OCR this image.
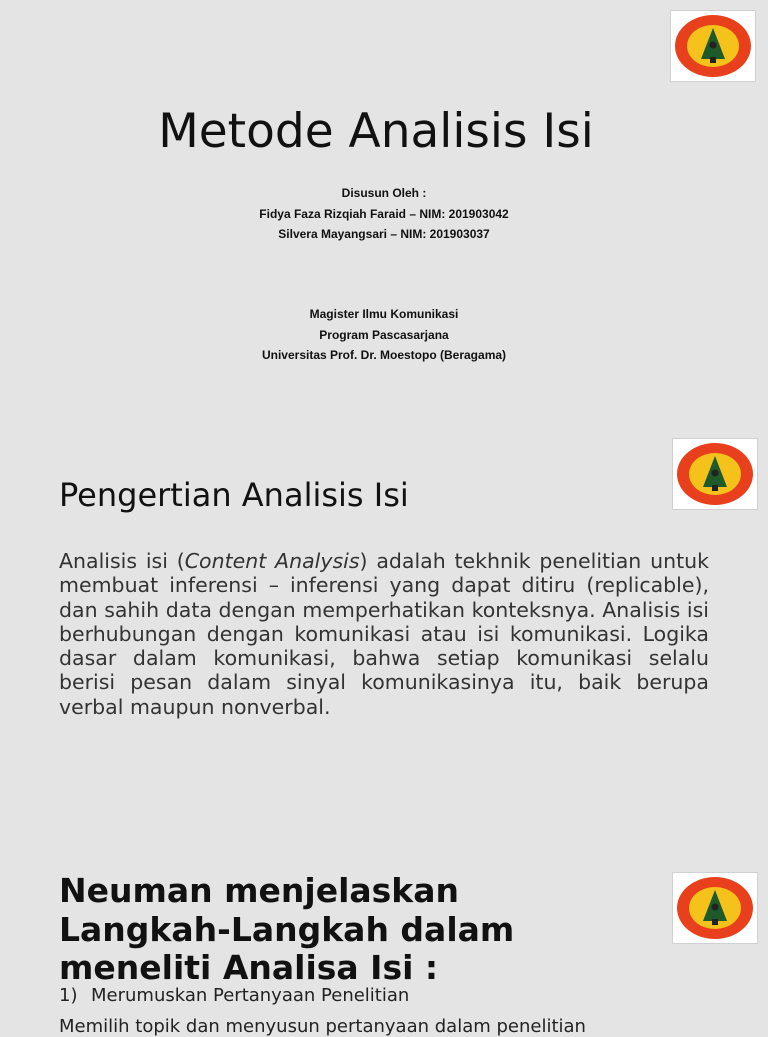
Metode Analisis Isi
Disusun Oleh :
Fidya Faza Rizqiah Faraid – NIM: 201903042
Silvera Mayangsari – NIM: 201903037
Magister Ilmu Komunikasi
Program Pascasarjana
Universitas Prof. Dr. Moestopo (Beragama)
Pengertian Analisis Isi

Analisis isi (Content Analysis) adalah tekhnik penelitian untuk membuat inferensi – inferensi yang dapat ditiru (replicable), dan sahih data dengan memperhatikan konteksnya. Analisis isi berhubungan dengan komunikasi atau isi komunikasi. Logika dasar dalam komunikasi, bahwa setiap komunikasi selalu berisi pesan dalam sinyal komunikasinya itu, baik berupa verbal maupun nonverbal.

Neuman menjelaskan Langkah-Langkah dalam meneliti Analisa Isi :
1) Merumuskan Pertanyaan Penelitian
Memilih topik dan menyusun pertanyaan dalam penelitian
